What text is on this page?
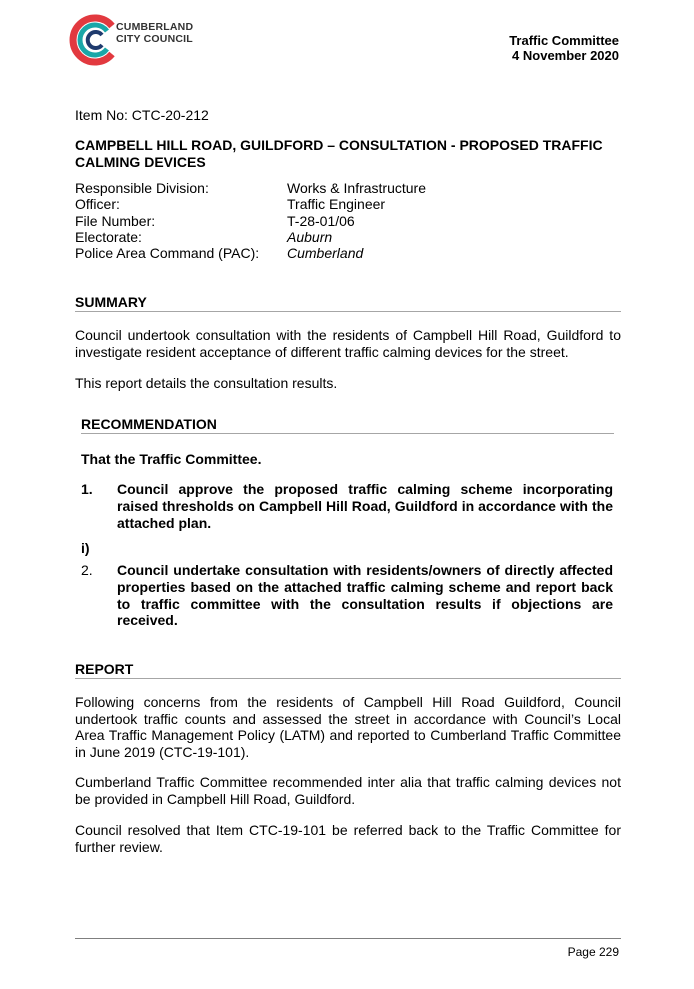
CUMBERLAND
CITY COUNCIL	Traffic Committee
4 November 2020
Item No: CTC-20-212
CAMPBELL HILL ROAD, GUILDFORD – CONSULTATION - PROPOSED TRAFFIC CALMING DEVICES
Responsible Division:	Works & Infrastructure
Officer:	Traffic Engineer
File Number:	T-28-01/06
Electorate:	Auburn
Police Area Command (PAC):	Cumberland
SUMMARY
Council undertook consultation with the residents of Campbell Hill Road, Guildford to investigate resident acceptance of different traffic calming devices for the street.
This report details the consultation results.
RECOMMENDATION
That the Traffic Committee.
1.	Council approve the proposed traffic calming scheme incorporating raised thresholds on Campbell Hill Road, Guildford in accordance with the attached plan.
i)
2.	Council undertake consultation with residents/owners of directly affected properties based on the attached traffic calming scheme and report back to traffic committee with the consultation results if objections are received.
REPORT
Following concerns from the residents of Campbell Hill Road Guildford, Council undertook traffic counts and assessed the street in accordance with Council’s Local Area Traffic Management Policy (LATM) and reported to Cumberland Traffic Committee in June 2019 (CTC-19-101).
Cumberland Traffic Committee recommended inter alia that traffic calming devices not be provided in Campbell Hill Road, Guildford.
Council resolved that Item CTC-19-101 be referred back to the Traffic Committee for further review.
Page 229
